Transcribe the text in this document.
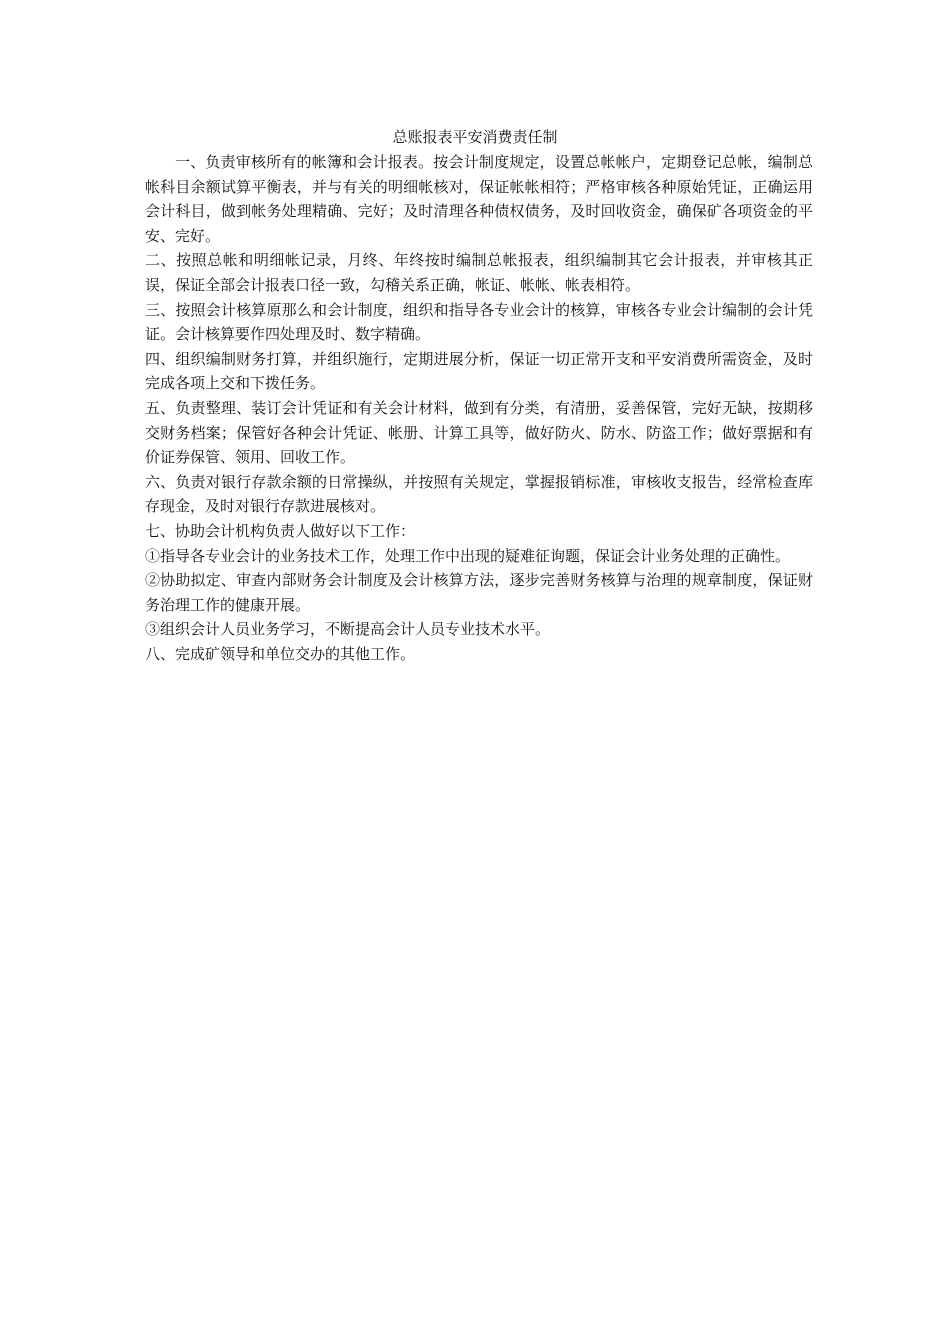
总账报表平安消费责任制

一、负责审核所有的帐簿和会计报表。按会计制度规定，设置总帐帐户，定期登记总帐，编制总帐科目余额试算平衡表，并与有关的明细帐核对，保证帐帐相符；严格审核各种原始凭证，正确运用会计科目，做到帐务处理精确、完好；及时清理各种债权债务，及时回收资金，确保矿各项资金的平安、完好。

二、按照总帐和明细帐记录，月终、年终按时编制总帐报表，组织编制其它会计报表，并审核其正误，保证全部会计报表口径一致，勾稽关系正确，帐证、帐帐、帐表相符。

三、按照会计核算原那么和会计制度，组织和指导各专业会计的核算，审核各专业会计编制的会计凭证。会计核算要作四处理及时、数字精确。

四、组织编制财务打算，并组织施行，定期进展分析，保证一切正常开支和平安消费所需资金，及时完成各项上交和下拨任务。

五、负责整理、装订会计凭证和有关会计材料，做到有分类，有清册，妥善保管，完好无缺，按期移交财务档案；保管好各种会计凭证、帐册、计算工具等，做好防火、防水、防盗工作；做好票据和有价证券保管、领用、回收工作。

六、负责对银行存款余额的日常操纵，并按照有关规定，掌握报销标准，审核收支报告，经常检查库存现金，及时对银行存款进展核对。

七、协助会计机构负责人做好以下工作：

①指导各专业会计的业务技术工作，处理工作中出现的疑难征询题，保证会计业务处理的正确性。

②协助拟定、审查内部财务会计制度及会计核算方法，逐步完善财务核算与治理的规章制度，保证财务治理工作的健康开展。

③组织会计人员业务学习，不断提高会计人员专业技术水平。

八、完成矿领导和单位交办的其他工作。
